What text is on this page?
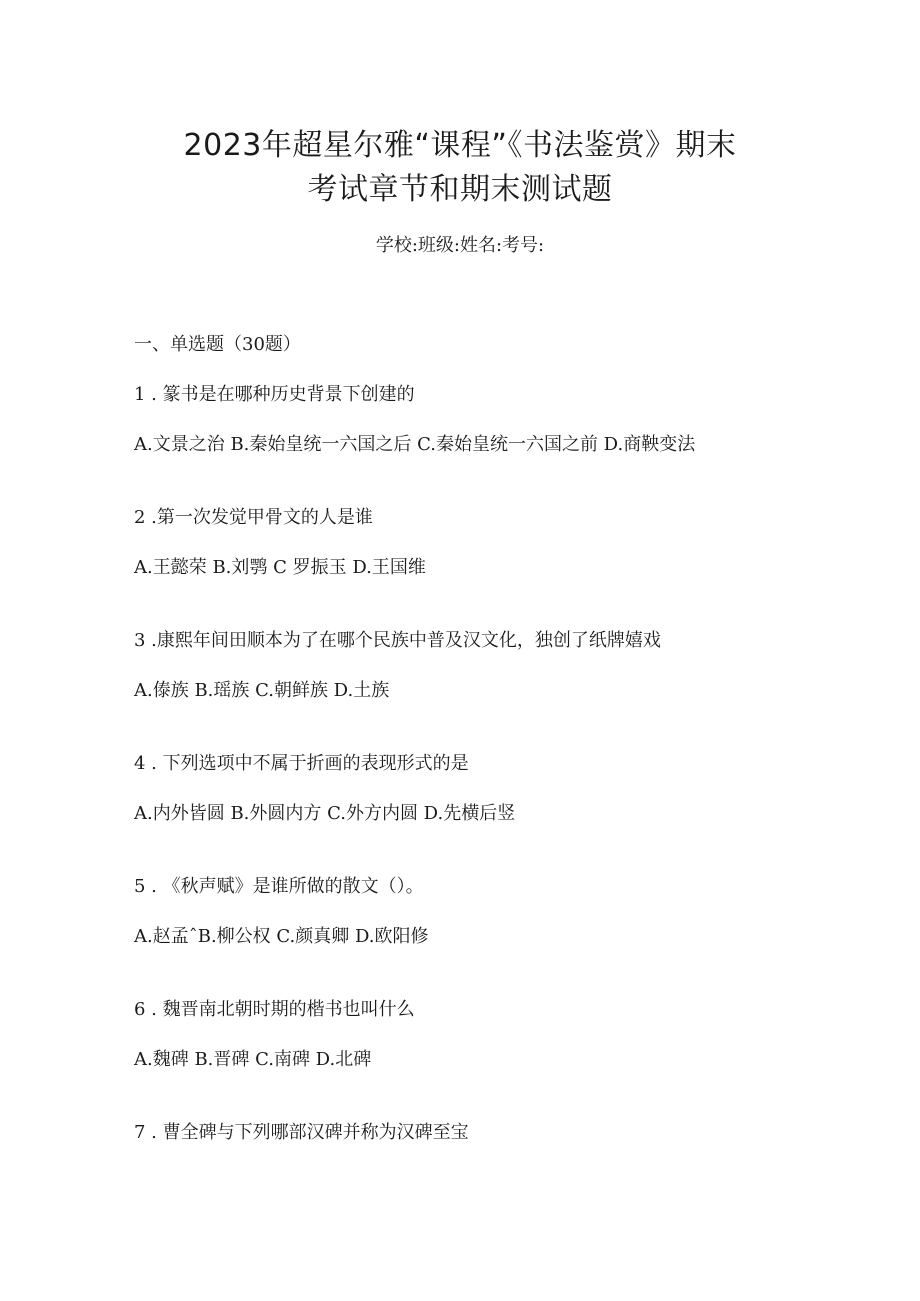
2023年超星尔雅“课程”《书法鉴赏》期末
考试章节和期末测试题
学校:班级:姓名:考号:
一、单选题（30题）
1 . 篆书是在哪种历史背景下创建的
A.文景之治 B.秦始皇统一六国之后 C.秦始皇统一六国之前 D.商鞅变法
2 .第一次发觉甲骨文的人是谁
A.王懿荣 B.刘鹗 C 罗振玉 D.王国维
3 .康熙年间田顺本为了在哪个民族中普及汉文化，独创了纸牌嬉戏
A.傣族 B.瑶族 C.朝鲜族 D.土族
4 . 下列选项中不属于折画的表现形式的是
A.内外皆圆 B.外圆内方 C.外方内圆 D.先横后竖
5 . 《秋声赋》是谁所做的散文（）。
A.赵孟ˆB.柳公权 C.颜真卿 D.欧阳修
6 . 魏晋南北朝时期的楷书也叫什么
A.魏碑 B.晋碑 C.南碑 D.北碑
7 . 曹全碑与下列哪部汉碑并称为汉碑至宝
